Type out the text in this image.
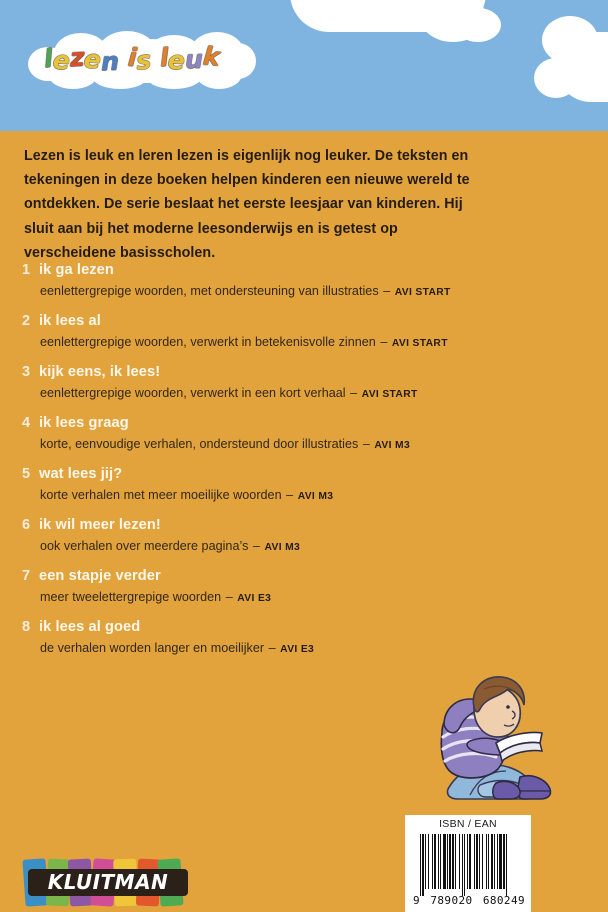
lezen is leuk

Lezen is leuk en leren lezen is eigenlijk nog leuker. De teksten en tekeningen in deze boeken helpen kinderen een nieuwe wereld te ontdekken. De serie beslaat het eerste leesjaar van kinderen. Hij sluit aan bij het moderne leesonderwijs en is getest op verscheidene basisscholen.

1 ik ga lezen
eenlettergrepige woorden, met ondersteuning van illustraties – AVI START
2 ik lees al
eenlettergrepige woorden, verwerkt in betekenisvolle zinnen – AVI START
3 kijk eens, ik lees!
eenlettergrepige woorden, verwerkt in een kort verhaal – AVI START
4 ik lees graag
korte, eenvoudige verhalen, ondersteund door illustraties – AVI M3
5 wat lees jij?
korte verhalen met meer moeilijke woorden – AVI M3
6 ik wil meer lezen!
ook verhalen over meerdere pagina’s – AVI M3
7 een stapje verder
meer tweelettergrepige woorden – AVI E3
8 ik lees al goed
de verhalen worden langer en moeilijker – AVI E3
ISBN / EAN
9 789020 680249
KLUITMAN
